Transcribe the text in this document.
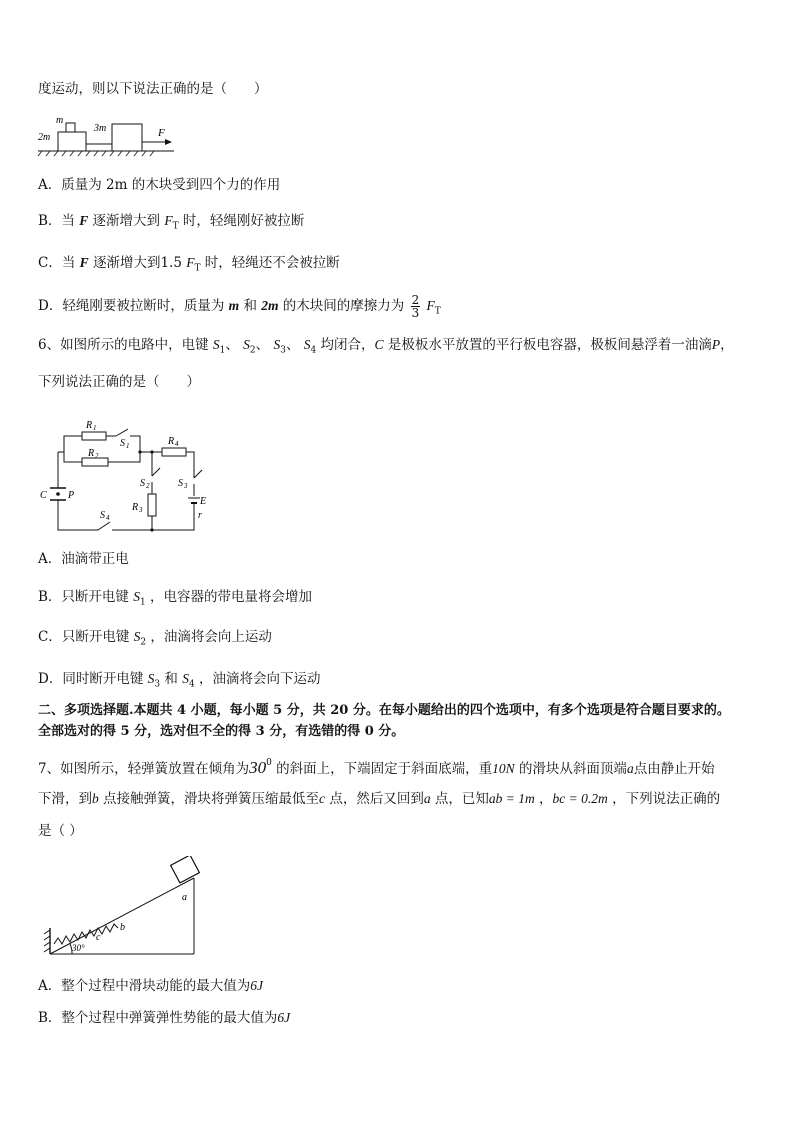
度运动，则以下说法正确的是（　　）
m
2m
3m	F
A．质量为 2m 的木块受到四个力的作用
B．当 F 逐渐增大到 $F_T$ 时，轻绳刚好被拉断
C．当 F 逐渐增大到1.5 $F_T$ 时，轻绳还不会被拉断
D．轻绳刚要被拉断时，质量为 m 和 2m 的木块间的摩擦力为 $\frac{2}{3} F_T$
6、如图所示的电路中，电键 $S_1$、 $S_2$、 $S_3$、 $S_4$ 均闭合，C 是极板水平放置的平行板电容器，极板间悬浮着一油滴P，
下列说法正确的是（　　）
R 1
R 2
S 1	R 4
S 2
R 3
S 3
E
r
C P
S 4
A．油滴带正电
B．只断开电键 $S_1$ ，电容器的带电量将会增加
C．只断开电键 $S_2$ ，油滴将会向上运动
D．同时断开电键 $S_3$ 和 $S_4$ ，油滴将会向下运动
二、多项选择题.本题共 4 小题，每小题 5 分，共 20 分。在每小题给出的四个选项中，有多个选项是符合题目要求的。
全部选对的得 5 分，选对但不全的得 3 分，有选错的得 0 分。
7、如图所示，轻弹簧放置在倾角为$30^0$ 的斜面上，下端固定于斜面底端，重10N 的滑块从斜面顶端a点由静止开始
下滑，到b 点接触弹簧，滑块将弹簧压缩最低至c 点，然后又回到a 点，已知ab = 1m ，bc = 0.2m ，下列说法正确的
是（ ）
a
b
c
30°
A．整个过程中滑块动能的最大值为6J
B．整个过程中弹簧弹性势能的最大值为6J
